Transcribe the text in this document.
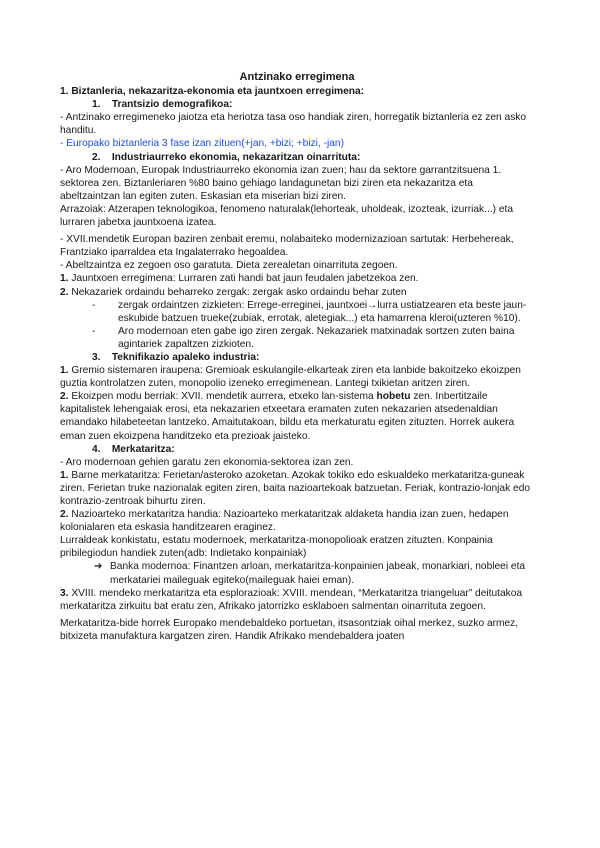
Antzinako erregimena
1. Biztanleria, nekazaritza-ekonomia eta jauntxoen erregimena:
1.    Trantsizio demografikoa:
- Antzinako erregimeneko jaiotza eta heriotza tasa oso handiak ziren, horregatik biztanleria ez zen asko handitu.
- Europako biztanleria 3 fase izan zituen(+jan, +bizi; +bizi, -jan)
2.    Industriaurreko ekonomia, nekazaritzan oinarrituta:
- Aro Modernoan, Europak Industriaurreko ekonomia izan zuen; hau da sektore garrantzitsuena 1. sektorea zen. Biztanleriaren %80 baino gehiago landagunetan bizi ziren eta nekazaritza eta abeltzaintzan lan egiten zuten. Eskasian eta miserian bizi ziren.
Arrazoiak: Atzerapen teknologikoa, fenomeno naturalak(lehorteak, uholdeak, izozteak, izurriak...) eta lurraren jabetxa jauntxoena izatea.
- XVII.mendetik Europan baziren zenbait eremu, nolabaiteko modernizazioan sartutak: Herbehereak, Frantziako iparraldea eta Ingalaterrako hegoaldea.
- Abeltzaintza ez zegoen oso garatuta. Dieta zerealetan oinarrituta zegoen.
1. Jauntxoen erregimena: Lurraren zati handi bat jaun feudalen jabetzekoa zen.
2. Nekazariek ordaindu beharreko zergak: zergak asko ordaindu behar zuten
- zergak ordaintzen zizkieten: Errege-erreginei, jauntxoei→lurra ustiatzearen eta beste jaun-eskubide batzuen trueke(zubiak, errotak, aletegiak...) eta hamarrena kleroi(uzteren %10).
- Aro modernoan eten gabe igo ziren zergak. Nekazariek matxinadak sortzen zuten baina agintariek zapaltzen zizkioten.
3.    Teknifikazio apaleko industria:
1. Gremio sistemaren iraupena: Gremioak eskulangile-elkarteak ziren eta lanbide bakoitzeko ekoizpen guztia kontrolatzen zuten, monopolio izeneko erregimenean. Lantegi txikietan aritzen ziren.
2. Ekoizpen modu berriak: XVII. mendetik aurrera, etxeko lan-sistema hobetu zen. Inbertitzaile kapitalistek lehengaiak erosi, eta nekazarien etxeetara eramaten zuten nekazarien atsedenaldian emandako hilabeteetan lantzeko. Amaitutakoan, bildu eta merkaturatu egiten zituzten. Horrek aukera eman zuen ekoizpena handitzeko eta prezioak jaisteko.
4.    Merkataritza:
- Aro modernoan gehien garatu zen ekonomia-sektorea izan zen.
1. Barne merkataritza: Ferietan/asteroko azoketan. Azokak tokiko edo eskualdeko merkataritza-guneak ziren. Ferietan truke nazionalak egiten ziren, baita nazioartekoak batzuetan. Feriak, kontrazio-lonjak edo kontrazio-zentroak bihurtu ziren.
2. Nazioarteko merkataritza handia: Nazioarteko merkataritzak aldaketa handia izan zuen, hedapen kolonialaren eta eskasia handitzearen eraginez.
Lurraldeak konkistatu, estatu modernoek, merkataritza-monopolioak eratzen zituzten. Konpainia pribilegiodun handiek zuten(adb: Indietako konpainiak)
➔ Banka modernoa: Finantzen arloan, merkataritza-konpainien jabeak, monarkiari, nobleei eta merkatariei maileguak egiteko(maileguak haiei eman).
3. XVIII. mendeko merkataritza eta esplorazioak: XVIII. mendean, “Merkataritza triangeluar” deitutakoa merkataritza zirkuitu bat eratu zen, Afrikako jatorrizko esklaboen salmentan oinarrituta zegoen.
Merkataritza-bide horrek Europako mendebaldeko portuetan, itsasontziak oihal merkez, suzko armez, bitxizeta manufaktura kargatzen ziren. Handik Afrikako mendebaldera joaten
